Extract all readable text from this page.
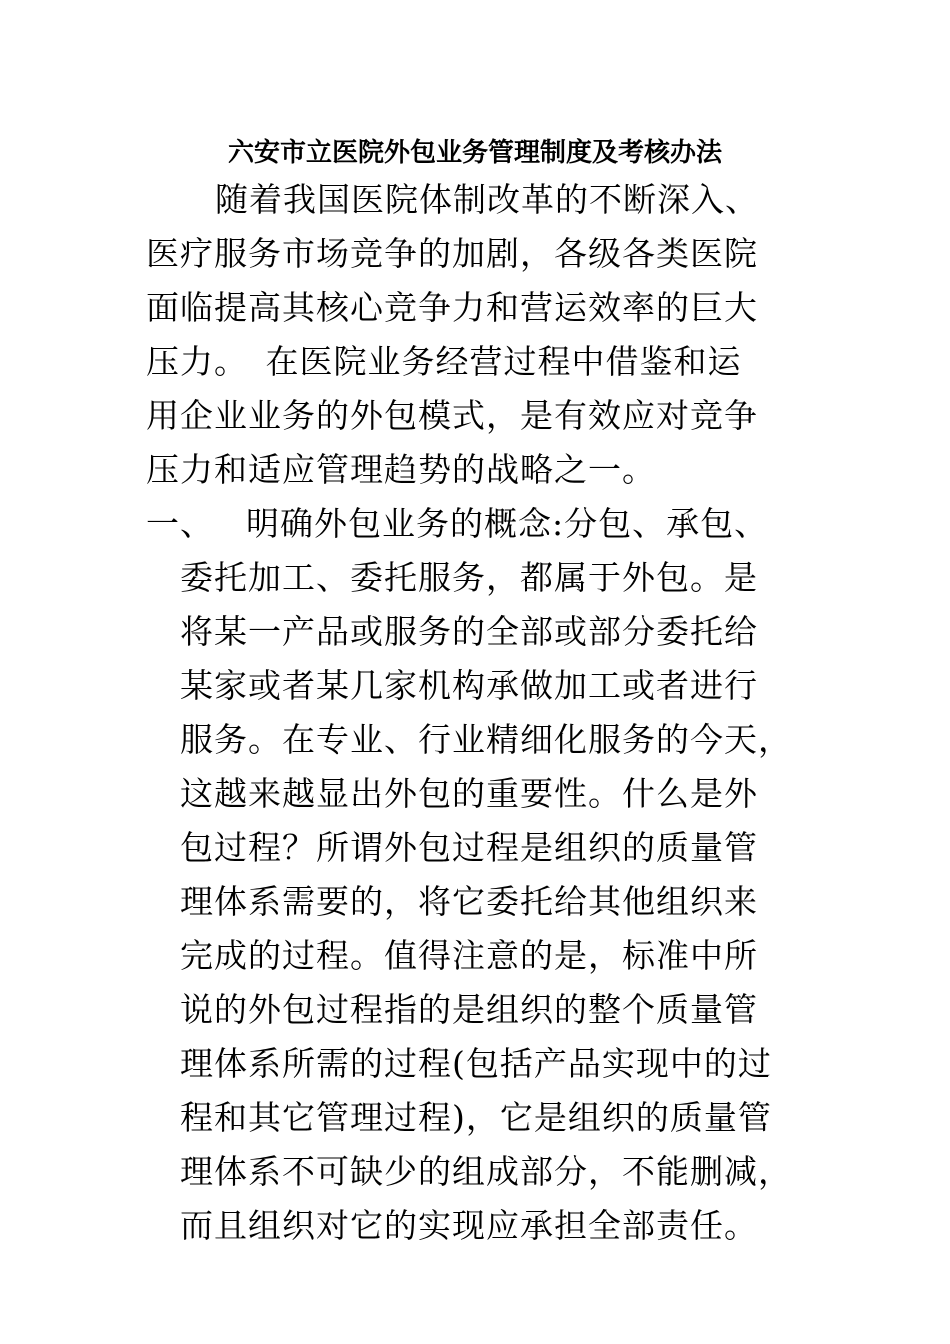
六安市立医院外包业务管理制度及考核办法
随着我国医院体制改革的不断深入、
医疗服务市场竞争的加剧，各级各类医院
面临提高其核心竞争力和营运效率的巨大
压力。　在医院业务经营过程中借鉴和运
用企业业务的外包模式，是有效应对竞争
压力和适应管理趋势的战略之一。
一、 明确外包业务的概念:分包、承包、
委托加工、委托服务，都属于外包。是
将某一产品或服务的全部或部分委托给
某家或者某几家机构承做加工或者进行
服务。在专业、行业精细化服务的今天，
这越来越显出外包的重要性。什么是外
包过程？所谓外包过程是组织的质量管
理体系需要的，将它委托给其他组织来
完成的过程。值得注意的是，标准中所
说的外包过程指的是组织的整个质量管
理体系所需的过程(包括产品实现中的过
程和其它管理过程)，它是组织的质量管
理体系不可缺少的组成部分，不能删减，
而且组织对它的实现应承担全部责任。
